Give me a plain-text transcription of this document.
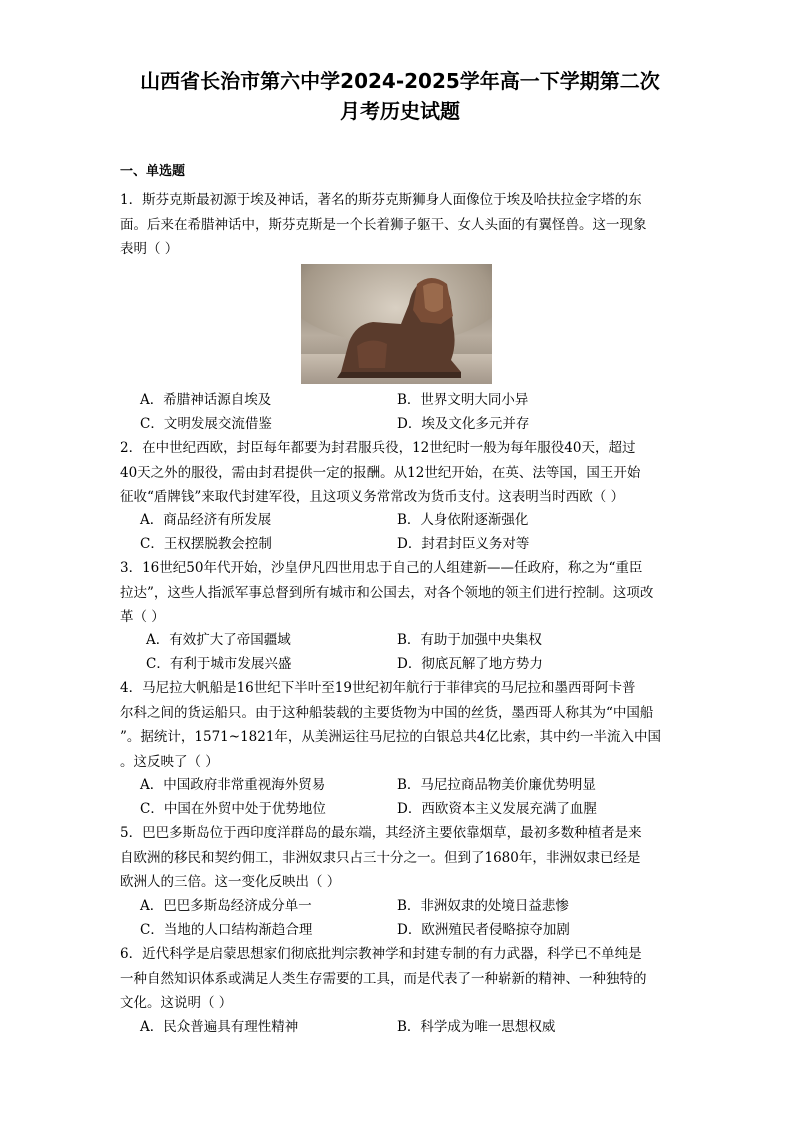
山西省长治市第六中学2024-2025学年高一下学期第二次
月考历史试题
一、单选题
1．斯芬克斯最初源于埃及神话，著名的斯芬克斯狮身人面像位于埃及哈扶拉金字塔的东
面。后来在希腊神话中，斯芬克斯是一个长着狮子躯干、女人头面的有翼怪兽。这一现象
表明（ ）
A．希腊神话源自埃及	B．世界文明大同小异
C．文明发展交流借鉴	D．埃及文化多元并存
2．在中世纪西欧，封臣每年都要为封君服兵役，12世纪时一般为每年服役40天，超过
40天之外的服役，需由封君提供一定的报酬。从12世纪开始，在英、法等国，国王开始
征收“盾牌钱”来取代封建军役，且这项义务常常改为货币支付。这表明当时西欧（ ）
A．商品经济有所发展	B．人身依附逐渐强化
C．王权摆脱教会控制	D．封君封臣义务对等
3．16世纪50年代开始，沙皇伊凡四世用忠于自己的人组建新——任政府，称之为“重臣
拉达”，这些人指派军事总督到所有城市和公国去，对各个领地的领主们进行控制。这项改
革（ ）
A．有效扩大了帝国疆域	B．有助于加强中央集权
C．有利于城市发展兴盛	D．彻底瓦解了地方势力
4．马尼拉大帆船是16世纪下半叶至19世纪初年航行于菲律宾的马尼拉和墨西哥阿卡普
尔科之间的货运船只。由于这种船装载的主要货物为中国的丝货，墨西哥人称其为“中国船
”。据统计，1571~1821年，从美洲运往马尼拉的白银总共4亿比索，其中约一半流入中国
。这反映了（ ）
A．中国政府非常重视海外贸易	B．马尼拉商品物美价廉优势明显
C．中国在外贸中处于优势地位	D．西欧资本主义发展充满了血腥
5．巴巴多斯岛位于西印度洋群岛的最东端，其经济主要依靠烟草，最初多数种植者是来
自欧洲的移民和契约佣工，非洲奴隶只占三十分之一。但到了1680年，非洲奴隶已经是
欧洲人的三倍。这一变化反映出（ ）
A．巴巴多斯岛经济成分单一	B．非洲奴隶的处境日益悲惨
C．当地的人口结构渐趋合理	D．欧洲殖民者侵略掠夺加剧
6．近代科学是启蒙思想家们彻底批判宗教神学和封建专制的有力武器，科学已不单纯是
一种自然知识体系或满足人类生存需要的工具，而是代表了一种崭新的精神、一种独特的
文化。这说明（ ）
A．民众普遍具有理性精神	B．科学成为唯一思想权威
